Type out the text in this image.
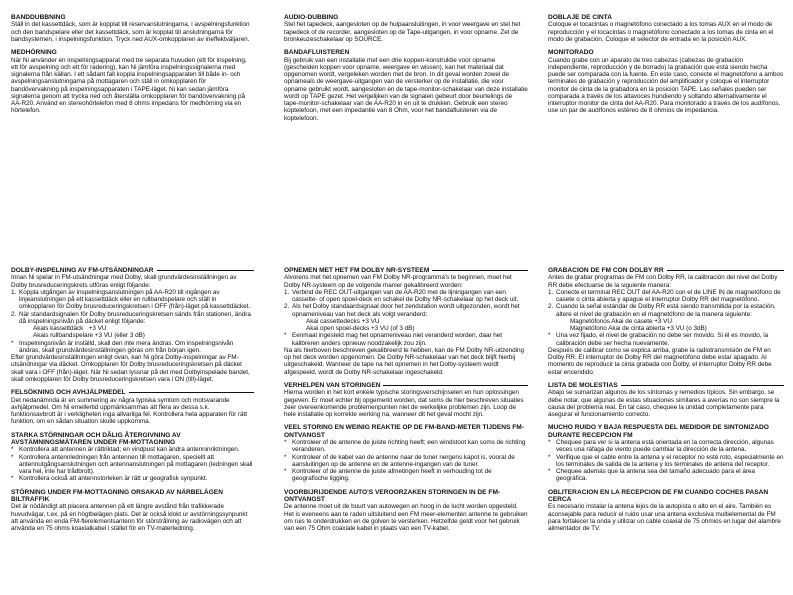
BANDDUBBNING

Ställ in det kassettdäck, som är kopplat till reservanslutningarna, i avspelningsfunktion och den bandspelare eller det kassettdäck, som är kopplat till anslutningarna för bandsystemen, i inspelningsfunktion. Tryck ned AUX-omkopplaren av ineffektväljaren.

MEDHÖRNING

När Ni använder en inspelningsapparat med tre separata huvuden (ett för inspelning, ett för avspelning och ett för radering), kan Ni jämföra inspelningssignalerna med signalerna från källan. I ett sådant fall koppla inspelningsapparaten till både in- och avspelningsanslutningarna på mottagaren och ställ in omkopplaren för bandövervakning på inspelningsapparaten i TAPE-läget. Ni kan sedan jämföra signalerna genom att trycka ned och återställa omkopplaren för bandövervakning på AA-R20. Använd en stereohörtelefon med 8 ohms impedans för medhörning via en hörtelefon.

AUDIO-DUBBING

Stel het tapedeck, aangesloten op de hulpaansluitingen, in voor weergave en stel het tapedeck of de recorder, aangesloten op de Tape-uitgangen, in voor opname. Zet de bronkeuzeschakelaar op SOURCE.

BANDAFLUISTEREN

Bij gebruik van een installatie met een drie koppen-konstruktie voor opname (gescheiden koppen voor opname, weergave en wissen), kan het materiaal dat opgenomen wordt, vergeleken worden met de bron. In dit geval worden zowel de opnameals de weergave-uitgangen van de versterker op de installatie, die voor opname gebruikt wordt, aangesloten en de tape-monitor-schakelaar van deze installatie wordt op TAPE gezet. Het vergelijken van de signalen gebeurt door beurtelings de tape-monitor-schakelaar van de AA-R20 in en uit te drukken. Gebruik een stereo koptelefoon, met een impedantie van 8 Ohm, voor het bandafluisteren via de koptelefoon.

DOBLAJE DE CINTA

Coloque el tocacintas o magnetófono conectado a los tomas AUX en el modo de reproducción y el tocacintas o magnetófono conectado a los tomas de cinta en el modo de grabación. Coloque el selector de entrada en la posición AUX.

MONITORADO

Cuando grabe con un aparato de tres cabezas (cabezas de grabación independiente, reproducción y de borrado) la grabación que está siendo hecha puede ser comparada con la fuente. En este caso, conecte el magnetófono a ambos terminales de grabación y reproducción del amplificador y coloque el interruptor monitor de cinta de la grabadora en la posición TAPE. Las señales pueden ser comparada a través de los altavoces hundiendo y soltando alternativamente el interruptor monitor de cinta del AA-R20. Para monitorado a través de los audífonos, use un par de audífonos estéreo de 8 ohmios de impedancia.

DOLBY-INSPELNING AV FM-UTSÄNDNINGAR
Innan Ni spelar in FM-utsändningar med Dolby, skall grundvärdesinställningen av Dolby brusreduceringskrets utföras enligt följande:
1. Koppla utgången av inspelningsanslutningen på AA-R20 till ingången av linjeanslutningen på ett kassettdäck eller en rullbandspelare och ställ in omkopplaren för Dolby brusreduceringskretsen i OFF (från)-läget på kassettdäcket.
2. När standardsignalen för Dolby brusreduceringskretsen sänds från stationen, ändra då inspelningsnivån på däcket enligt följande:
Akais kassettdäck +3 VU
Akais rullbandspelare +3 VU (eller 3 dB)
* Inspelningsnivån är inställd, skall den inte mera ändras. Om inspelningsnivån ändras, skall grundvärdesinställningen göras om från början igen.

Efter grundvärdesinställningen enligt ovan, kan Ni göra Dolby-inspelningar av FM-utsändningar via däcket. Omkopplaren för Dolby brusreduceringskretsen på däcket skall vara i OFF (från)-läget. När Ni sedan lyssnar på det med Dolbyinspelade bandet, skall omkopplaren för Dolby brusreduceringskretsen vara i ON (till)-läget.

FELSÖKNING OCH AVHJÄLPMEDEL

Det nedanämnda är en summering av några typiska symtom och motsvarande avhjälpmedel. Om Ni emellertid uppmärksammas att flera av dessa s.k. funktionsavbrott är i verkligheten inga allvarliga fel. Kontrollera hela apparaten för rätt funktion, om en sådan situation skulle uppkomma.

STARKA STÖRNINGAR OCH DÅLIG ÅTERGIVNING AV AVSTÄMNINGSMÄTAREN UNDER FM-MOTTAGNING
* Kontrollera att antennen är rättriktad; en vindpust kan ändra antenninriktningen.
* Kontrollera antennledningen från antennen till mottagaren, speciellt att antennutgångsanslutningen och antennanslutningen på mottagaren (ledningen skall vara hel, inte har trådbrott).
* Kontrollera också att antennstorleken är rätt ur geografisk synpunkt.
STÖRNING UNDER FM-MOTTAGNING ORSAKAD AV NÄRBELÄGEN BILTRAFFIK

Det är nödändigt att placera antennen på ett längre avstånd från trafikkerade huvudvägar, t.ex. på en högtbelägen plats. Det är också klokt ur avstörningssynpunkt att använda en enda FM-flerelementsantenn för störstrålning av radiovägen och att använda en 75 ohms koaxialkabel i stället för en TV-materledning.

OPNEMEN MET HET FM DOLBY NR-SYSTEEM
Alvorens met het opnemen van FM Dolby NR-programma's te beginnen, moet het Dolby NR-systeem op de volgende manier gekalibreerd worden:
1. Verbind de REC OUT-uitgangen van de AA-R20 met de lijningangen van een cassette- of open spoel-deck en schakel de Dolby NR-schakelaar op het deck uit.
2. Als het Dolby standaardsignaal door het zendstation wordt uitgezonden, wordt het opnameniveau van het deck als volgt veranderd:
Akai cassettedecks +3 VU
Akai open spoel-decks +3 VU (of 3 dB)
* Eenmaal ingesteld mag het opnameniveau niet veranderd worden, daar het kalibreren anders opnieuw noodzakelijk zou zijn.

Na als hierboven beschreven gekalibreerd te hebben, kan de FM Dolby NR-uitzending op het deck worden opgenomen. De Dolby NR-schakelaar van het deck blijft hierbij uitgeschakeld. Wanneer de tape na het opnemen in het Dolby-systeem wordt afgespeeld, wordt de Dolby NR-schakelaar ingeschakeld.

VERHELPEN VAN STORINGEN

Hierna worden in het kort enkele typische storingsverschijnselen en hun oplossingen gegeven. Er moet echter bij opgemerkt worden, dat soms de hier beschreven situaties zeer overeenkomende problemenpunten niet de werkelijke problemen zijn. Loop de hele installatie op korrekte werking na, wanneer dit het geval mocht zijn.

VEEL STORING EN WEINIG REAKTIE OP DE FM-BAND-METER TIJDENS FM-ONTVANGST
* Kontroleer of de antenne de juiste richting heeft; een windstoot kan soms de richting veranderen.
* Kontroleer of de kabel van de antenne naar de tuner nergens kapot is, vooral de aansluitingen op de antenne en de antenne-ingangen van de tuner.
* Kontroleer of de antenne de juiste afmetingen heeft in verhouding tot de geografische ligging.
VOORBIJRIJDENDE AUTO'S VEROORZAKEN STORINGEN IN DE FM-ONTVANGST

De antenne moet uit de buurt van autowegen en hoog in de lucht worden opgesteld. Het is eveneens aan te raden uitsluitend een FM meer-elementen antenne te gebruiken om ruis te onderdrukken en de golven te versterken. Hetzelfde geldt voor het gebruik van een 75 Ohm coaxiale kabel in plaats van een TV-kabel.

GRABACION DE FM CON DOLBY RR
Antes de grabar programas de FM con Dolby RR, la calibración del nivel del Dolby RR debe efectuarse de la siguiente manera:
1. Conecte el terminal REC OUT del AA-R20 con el de LINE IN de magnetófono de casete o cinta abierta y apague el interruptor Dolby RR del magnetófono.
2. Cuando la señal estándar de Dolby RR está siendo transmitida por la estación, altere el nivel de grabación en el magnetófono de la manera siguiente:
Magnetófonos Akai de casete +3 VU
Magnetófono Akai de cinta abierta +3 VU (o 3dB)
* Una vez fijado, el nivel de grabación no debe ser movido. Si él es movido, la calibración debe ser hecha nuevamente.

Después de calibrar como se explica arriba, grabe la radiotransmisión de FM en Dolby RR. El interruptor de Dolby RR del magnetófono debe estar apagado. Al momento de reproducir la cinta grabada con Dolby, el interruptor Dolby RR debe estar encendido.

LISTA DE MOLESTIAS

Abajo se sumarizan algunos de los síntomas y remedios típicos. Sin embargo, se debe notar, que algunas de estas situaciones similares a averías no son siempre la causa del problema real. En tal caso, chequee la unidad completamente para asegurar el funcionamiento correcto.

MUCHO RUIDO Y BAJA RESPUESTA DEL MEDIDOR DE SINTONIZADO DURANTE RECEPCION FM
* Chequee para ver si la antena está orientada en la correcta dirección, algunas veces una ráfaga de viento puede cambiar la dirección de la antena.
* Verifique que el cable entre la antena y el receptor no esté roto, especialmente en los terminales de salida de la antena y los terminales de antena del receptor.
* Chequee además que la antena sea del tamaño adecuado para el área geográfica.
OBLITERACION EN LA RECEPCION DE FM CUANDO COCHES PASAN CERCA

Es necesario instalar la antena lejos de la autopista o alto en el aire. También es aconsejable para reducir el ruido usar una antena exclusiva multielemental de FM para fortalecer la onda y utilizar un cable coaxial de 75 ohmios en lugar del alambre alimentador de TV.
